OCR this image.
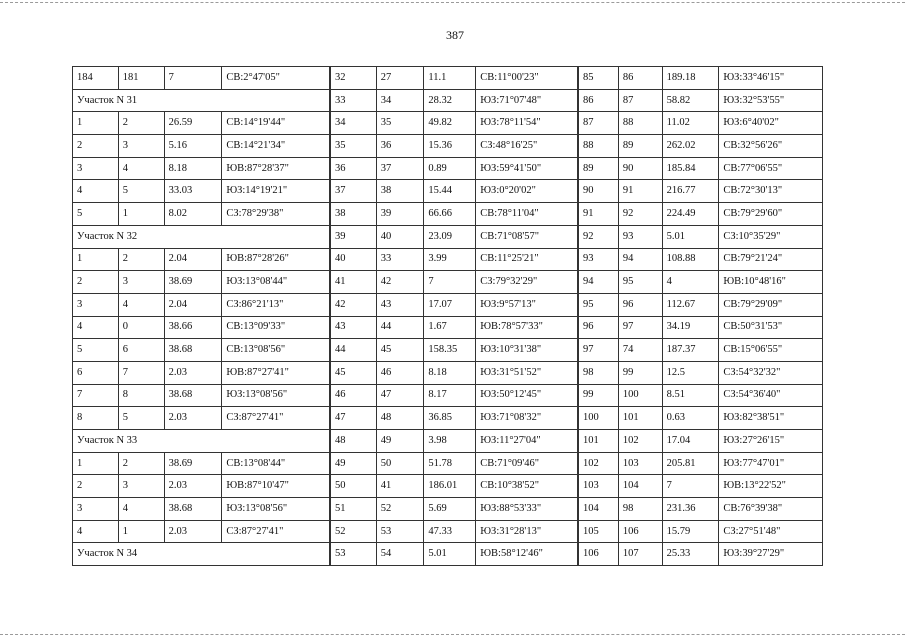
387
184	181	7	СВ:2°47'05"
Участок N 31			
1	2	26.59	СВ:14°19'44"
2	3	5.16	СВ:14°21'34"
3	4	8.18	ЮВ:87°28'37"
4	5	33.03	ЮЗ:14°19'21"
5	1	8.02	СЗ:78°29'38"
Участок N 32			
1	2	2.04	ЮВ:87°28'26"
2	3	38.69	ЮЗ:13°08'44"
3	4	2.04	СЗ:86°21'13"
4	0	38.66	СВ:13°09'33"
5	6	38.68	СВ:13°08'56"
6	7	2.03	ЮВ:87°27'41"
7	8	38.68	ЮЗ:13°08'56"
8	5	2.03	СЗ:87°27'41"
Участок N 33			
1	2	38.69	СВ:13°08'44"
2	3	2.03	ЮВ:87°10'47"
3	4	38.68	ЮЗ:13°08'56"
4	1	2.03	СЗ:87°27'41"
Участок N 34			
32	27	11.1	СВ:11°00'23"
33	34	28.32	ЮЗ:71°07'48"
34	35	49.82	ЮЗ:78°11'54"
35	36	15.36	СЗ:48°16'25"
36	37	0.89	ЮЗ:59°41'50"
37	38	15.44	ЮЗ:0°20'02"
38	39	66.66	СВ:78°11'04"
39	40	23.09	СВ:71°08'57"
40	33	3.99	СВ:11°25'21"
41	42	7	СЗ:79°32'29"
42	43	17.07	ЮЗ:9°57'13"
43	44	1.67	ЮВ:78°57'33"
44	45	158.35	ЮЗ:10°31'38"
45	46	8.18	ЮЗ:31°51'52"
46	47	8.17	ЮЗ:50°12'45"
47	48	36.85	ЮЗ:71°08'32"
48	49	3.98	ЮЗ:11°27'04"
49	50	51.78	СВ:71°09'46"
50	41	186.01	СВ:10°38'52"
51	52	5.69	ЮЗ:88°53'33"
52	53	47.33	ЮЗ:31°28'13"
53	54	5.01	ЮВ:58°12'46"
85	86	189.18	ЮЗ:33°46'15"
86	87	58.82	ЮЗ:32°53'55"
87	88	11.02	ЮЗ:6°40'02"
88	89	262.02	СВ:32°56'26"
89	90	185.84	СВ:77°06'55"
90	91	216.77	СВ:72°30'13"
91	92	224.49	СВ:79°29'60"
92	93	5.01	СЗ:10°35'29"
93	94	108.88	СВ:79°21'24"
94	95	4	ЮВ:10°48'16"
95	96	112.67	СВ:79°29'09"
96	97	34.19	СВ:50°31'53"
97	74	187.37	СВ:15°06'55"
98	99	12.5	СЗ:54°32'32"
99	100	8.51	СЗ:54°36'40"
100	101	0.63	ЮЗ:82°38'51"
101	102	17.04	ЮЗ:27°26'15"
102	103	205.81	ЮЗ:77°47'01"
103	104	7	ЮВ:13°22'52"
104	98	231.36	СВ:76°39'38"
105	106	15.79	СЗ:27°51'48"
106	107	25.33	ЮЗ:39°27'29"
